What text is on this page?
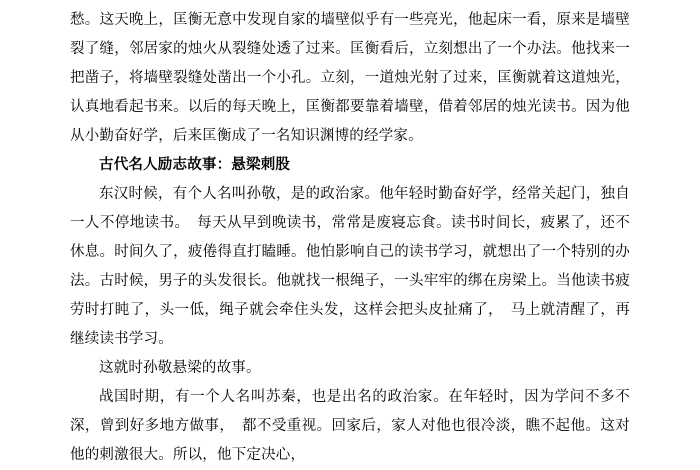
愁。这天晚上，匡衡无意中发现自家的墙壁似乎有一些亮光，他起床一看，原来是墙壁裂了缝，邻居家的烛火从裂缝处透了过来。匡衡看后，立刻想出了一个办法。他找来一把凿子，将墙壁裂缝处凿出一个小孔。立刻，一道烛光射了过来，匡衡就着这道烛光，认真地看起书来。以后的每天晚上，匡衡都要靠着墙壁，借着邻居的烛光读书。因为他从小勤奋好学，后来匡衡成了一名知识渊博的经学家。

古代名人励志故事：悬梁刺股

东汉时候，有个人名叫孙敬，是的政治家。他年轻时勤奋好学，经常关起门，独自一人不停地读书。　每天从早到晚读书，常常是废寝忘食。读书时间长，疲累了，还不休息。时间久了，疲倦得直打瞌睡。他怕影响自己的读书学习，就想出了一个特别的办法。古时候，男子的头发很长。他就找一根绳子，一头牢牢的绑在房梁上。当他读书疲劳时打盹了，头一低，绳子就会牵住头发，这样会把头皮扯痛了，　马上就清醒了，再继续读书学习。

这就时孙敬悬梁的故事。

战国时期，有一个人名叫苏秦，也是出名的政治家。在年轻时，因为学问不多不深，曾到好多地方做事，　都不受重视。回家后，家人对他也很冷淡，瞧不起他。这对他的刺激很大。所以，他下定决心，
